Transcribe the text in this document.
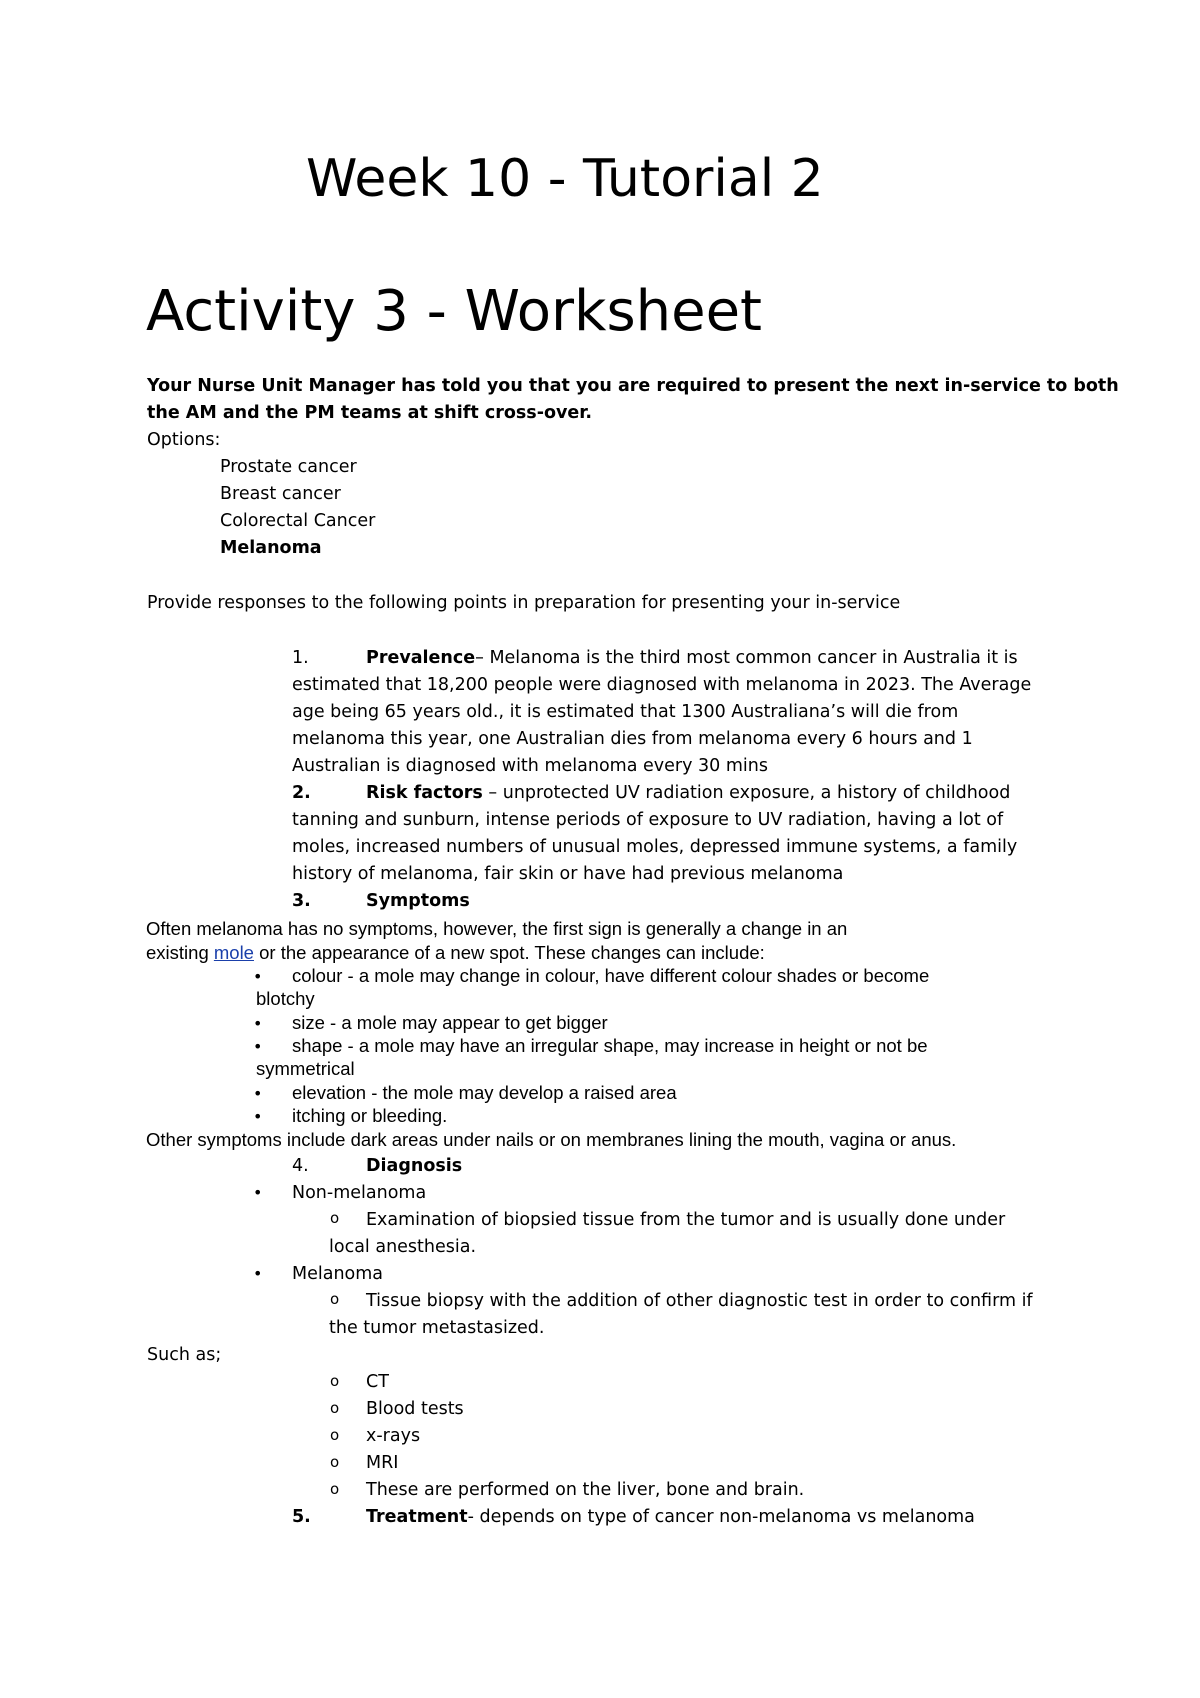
Week 10 - Tutorial 2

Activity 3 - Worksheet

Your Nurse Unit Manager has told you that you are required to present the next in-service to both

the AM and the PM teams at shift cross-over.

Options:

Prostate cancer

Breast cancer

Colorectal Cancer

Melanoma

Provide responses to the following points in preparation for presenting your in-service

1.	Prevalence– Melanoma is the third most common cancer in Australia it is

estimated that 18,200 people were diagnosed with melanoma in 2023. The Average

age being 65 years old., it is estimated that 1300 Australiana’s will die from

melanoma this year, one Australian dies from melanoma every 6 hours and 1

Australian is diagnosed with melanoma every 30 mins

2.	Risk factors – unprotected UV radiation exposure, a history of childhood

tanning and sunburn, intense periods of exposure to UV radiation, having a lot of

moles, increased numbers of unusual moles, depressed immune systems, a family

history of melanoma, fair skin or have had previous melanoma

3.	Symptoms

Often melanoma has no symptoms, however, the first sign is generally a change in an

existing mole or the appearance of a new spot. These changes can include:

• colour - a mole may change in colour, have different colour shades or become

blotchy

• size - a mole may appear to get bigger

• shape - a mole may have an irregular shape, may increase in height or not be

symmetrical

• elevation - the mole may develop a raised area

• itching or bleeding.

Other symptoms include dark areas under nails or on membranes lining the mouth, vagina or anus.

4.	Diagnosis

• Non-melanoma

o Examination of biopsied tissue from the tumor and is usually done under

local anesthesia.

• Melanoma

o Tissue biopsy with the addition of other diagnostic test in order to confirm if

the tumor metastasized.

Such as;

o CT

o Blood tests

o x-rays

o MRI

o These are performed on the liver, bone and brain.

5.	Treatment- depends on type of cancer non-melanoma vs melanoma
